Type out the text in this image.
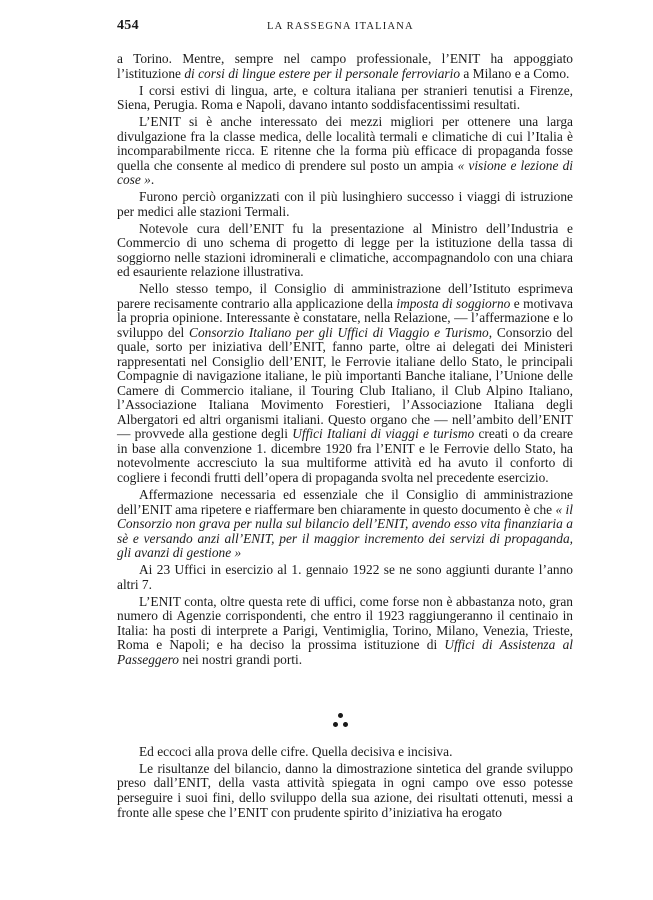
454	LA RASSEGNA ITALIANA

a Torino. Mentre, sempre nel campo professionale, l’ENIT ha appoggiato l’istituzione di corsi di lingue estere per il personale ferroviario a Milano e a Como.

I corsi estivi di lingua, arte, e coltura italiana per stranieri tenutisi a Firenze, Siena, Perugia. Roma e Napoli, davano intanto soddisfacentissimi resultati.

L’ENIT si è anche interessato dei mezzi migliori per ottenere una larga divulgazione fra la classe medica, delle località termali e climatiche di cui l’Italia è incomparabilmente ricca. E ritenne che la forma più efficace di propaganda fosse quella che consente al medico di prendere sul posto un ampia « visione e lezione di cose ».

Furono perciò organizzati con il più lusinghiero successo i viaggi di istruzione per medici alle stazioni Termali.

Notevole cura dell’ENIT fu la presentazione al Ministro dell’Industria e Commercio di uno schema di progetto di legge per la istituzione della tassa di soggiorno nelle stazioni idrominerali e climatiche, accompagnandolo con una chiara ed esauriente relazione illustrativa.

Nello stesso tempo, il Consiglio di amministrazione dell’Istituto esprimeva parere recisamente contrario alla applicazione della imposta di soggiorno e motivava la propria opinione. Interessante è constatare, nella Relazione, — l’affermazione e lo sviluppo del Consorzio Italiano per gli Uffici di Viaggio e Turismo, Consorzio del quale, sorto per iniziativa dell’ENIT, fanno parte, oltre ai delegati dei Ministeri rappresentati nel Consiglio dell’ENIT, le Ferrovie italiane dello Stato, le principali Compagnie di navigazione italiane, le più importanti Banche italiane, l’Unione delle Camere di Commercio italiane, il Touring Club Italiano, il Club Alpino Italiano, l’Associazione Italiana Movimento Forestieri, l’Associazione Italiana degli Albergatori ed altri organismi italiani. Questo organo che — nell’ambito dell’ENIT — provvede alla gestione degli Uffici Italiani di viaggi e turismo creati o da creare in base alla convenzione 1. dicembre 1920 fra l’ENIT e le Ferrovie dello Stato, ha notevolmente accresciuto la sua multiforme attività ed ha avuto il conforto di cogliere i fecondi frutti dell’opera di propaganda svolta nel precedente esercizio.

Affermazione necessaria ed essenziale che il Consiglio di amministrazione dell’ENIT ama ripetere e riaffermare ben chiaramente in questo documento è che « il Consorzio non grava per nulla sul bilancio dell’ENIT, avendo esso vita finanziaria a sè e versando anzi all’ENIT, per il maggior incremento dei servizi di propaganda, gli avanzi di gestione »

Ai 23 Uffici in esercizio al 1. gennaio 1922 se ne sono aggiunti durante l’anno altri 7.

L’ENIT conta, oltre questa rete di uffici, come forse non è abbastanza noto, gran numero di Agenzie corrispondenti, che entro il 1923 raggiungeranno il centinaio in Italia: ha posti di interprete a Parigi, Ventimiglia, Torino, Milano, Venezia, Trieste, Roma e Napoli; e ha deciso la prossima istituzione di Uffici di Assistenza al Passeggero nei nostri grandi porti.

Ed eccoci alla prova delle cifre. Quella decisiva e incisiva.

Le risultanze del bilancio, danno la dimostrazione sintetica del grande sviluppo preso dall’ENIT, della vasta attività spiegata in ogni campo ove esso potesse perseguire i suoi fini, dello sviluppo della sua azione, dei risultati ottenuti, messi a fronte alle spese che l’ENIT con prudente spirito d’iniziativa ha erogato
